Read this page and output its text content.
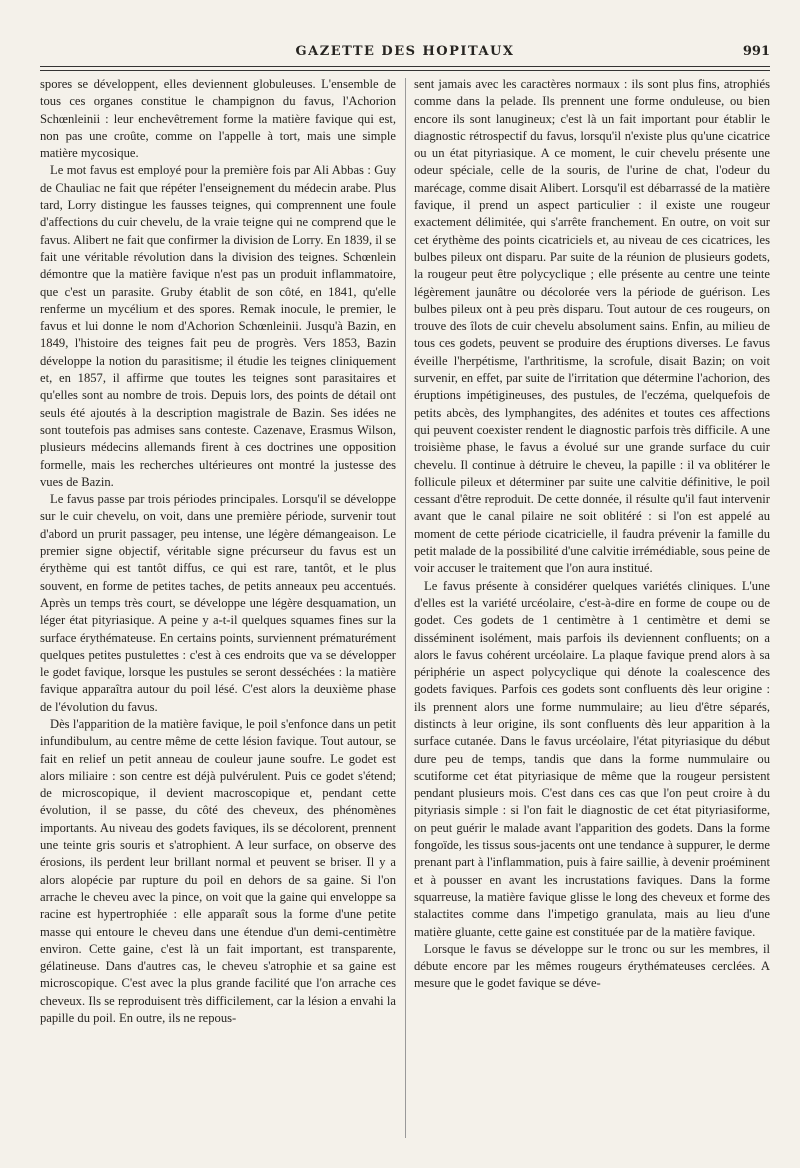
GAZETTE DES HOPITAUX	991

spores se développent, elles deviennent globuleuses. L'ensemble de tous ces organes constitue le champignon du favus, l'Achorion Schœnleinii : leur enchevêtrement forme la matière favique qui est, non pas une croûte, comme on l'appelle à tort, mais une simple matière mycosique.

Le mot favus est employé pour la première fois par Ali Abbas : Guy de Chauliac ne fait que répéter l'enseignement du médecin arabe. Plus tard, Lorry distingue les fausses teignes, qui comprennent une foule d'affections du cuir chevelu, de la vraie teigne qui ne comprend que le favus. Alibert ne fait que confirmer la division de Lorry. En 1839, il se fait une véritable révolution dans la division des teignes. Schœnlein démontre que la matière favique n'est pas un produit inflammatoire, que c'est un parasite. Gruby établit de son côté, en 1841, qu'elle renferme un mycélium et des spores. Remak inocule, le premier, le favus et lui donne le nom d'Achorion Schœnleinii. Jusqu'à Bazin, en 1849, l'histoire des teignes fait peu de progrès. Vers 1853, Bazin développe la notion du parasitisme; il étudie les teignes cliniquement et, en 1857, il affirme que toutes les teignes sont parasitaires et qu'elles sont au nombre de trois. Depuis lors, des points de détail ont seuls été ajoutés à la description magistrale de Bazin. Ses idées ne sont toutefois pas admises sans conteste. Cazenave, Erasmus Wilson, plusieurs médecins allemands firent à ces doctrines une opposition formelle, mais les recherches ultérieures ont montré la justesse des vues de Bazin.

Le favus passe par trois périodes principales. Lorsqu'il se développe sur le cuir chevelu, on voit, dans une première période, survenir tout d'abord un prurit passager, peu intense, une légère démangeaison. Le premier signe objectif, véritable signe précurseur du favus est un érythème qui est tantôt diffus, ce qui est rare, tantôt, et le plus souvent, en forme de petites taches, de petits anneaux peu accentués. Après un temps très court, se développe une légère desquamation, un léger état pityriasique. A peine y a-t-il quelques squames fines sur la surface érythémateuse. En certains points, surviennent prématurément quelques petites pustulettes : c'est à ces endroits que va se développer le godet favique, lorsque les pustules se seront desséchées : la matière favique apparaîtra autour du poil lésé. C'est alors la deuxième phase de l'évolution du favus.

Dès l'apparition de la matière favique, le poil s'enfonce dans un petit infundibulum, au centre même de cette lésion favique. Tout autour, se fait en relief un petit anneau de couleur jaune soufre. Le godet est alors miliaire : son centre est déjà pulvérulent. Puis ce godet s'étend; de microscopique, il devient macroscopique et, pendant cette évolution, il se passe, du côté des cheveux, des phénomènes importants. Au niveau des godets faviques, ils se décolorent, prennent une teinte gris souris et s'atrophient. A leur surface, on observe des érosions, ils perdent leur brillant normal et peuvent se briser. Il y a alors alopécie par rupture du poil en dehors de sa gaine. Si l'on arrache le cheveu avec la pince, on voit que la gaine qui enveloppe sa racine est hypertrophiée : elle apparaît sous la forme d'une petite masse qui entoure le cheveu dans une étendue d'un demi-centimètre environ. Cette gaine, c'est là un fait important, est transparente, gélatineuse. Dans d'autres cas, le cheveu s'atrophie et sa gaine est microscopique. C'est avec la plus grande facilité que l'on arrache ces cheveux. Ils se reproduisent très difficilement, car la lésion a envahi la papille du poil. En outre, ils ne repous-

sent jamais avec les caractères normaux : ils sont plus fins, atrophiés comme dans la pelade. Ils prennent une forme onduleuse, ou bien encore ils sont lanugineux; c'est là un fait important pour établir le diagnostic rétrospectif du favus, lorsqu'il n'existe plus qu'une cicatrice ou un état pityriasique. A ce moment, le cuir chevelu présente une odeur spéciale, celle de la souris, de l'urine de chat, l'odeur du marécage, comme disait Alibert. Lorsqu'il est débarrassé de la matière favique, il prend un aspect particulier : il existe une rougeur exactement délimitée, qui s'arrête franchement. En outre, on voit sur cet érythème des points cicatriciels et, au niveau de ces cicatrices, les bulbes pileux ont disparu. Par suite de la réunion de plusieurs godets, la rougeur peut être polycyclique ; elle présente au centre une teinte légèrement jaunâtre ou décolorée vers la période de guérison. Les bulbes pileux ont à peu près disparu. Tout autour de ces rougeurs, on trouve des îlots de cuir chevelu absolument sains. Enfin, au milieu de tous ces godets, peuvent se produire des éruptions diverses. Le favus éveille l'herpétisme, l'arthritisme, la scrofule, disait Bazin; on voit survenir, en effet, par suite de l'irritation que détermine l'achorion, des éruptions impétigineuses, des pustules, de l'eczéma, quelquefois de petits abcès, des lymphangites, des adénites et toutes ces affections qui peuvent coexister rendent le diagnostic parfois très difficile. A une troisième phase, le favus a évolué sur une grande surface du cuir chevelu. Il continue à détruire le cheveu, la papille : il va oblitérer le follicule pileux et déterminer par suite une calvitie définitive, le poil cessant d'être reproduit. De cette donnée, il résulte qu'il faut intervenir avant que le canal pilaire ne soit oblitéré : si l'on est appelé au moment de cette période cicatricielle, il faudra prévenir la famille du petit malade de la possibilité d'une calvitie irrémédiable, sous peine de voir accuser le traitement que l'on aura institué.

Le favus présente à considérer quelques variétés cliniques. L'une d'elles est la variété urcéolaire, c'est-à-dire en forme de coupe ou de godet. Ces godets de 1 centimètre à 1 centimètre et demi se disséminent isolément, mais parfois ils deviennent confluents; on a alors le favus cohérent urcéolaire. La plaque favique prend alors à sa périphérie un aspect polycyclique qui dénote la coalescence des godets faviques. Parfois ces godets sont confluents dès leur origine : ils prennent alors une forme nummulaire; au lieu d'être séparés, distincts à leur origine, ils sont confluents dès leur apparition à la surface cutanée. Dans le favus urcéolaire, l'état pityriasique du début dure peu de temps, tandis que dans la forme nummulaire ou scutiforme cet état pityriasique de même que la rougeur persistent pendant plusieurs mois. C'est dans ces cas que l'on peut croire à du pityriasis simple : si l'on fait le diagnostic de cet état pityriasiforme, on peut guérir le malade avant l'apparition des godets. Dans la forme fongoïde, les tissus sous-jacents ont une tendance à suppurer, le derme prenant part à l'inflammation, puis à faire saillie, à devenir proéminent et à pousser en avant les incrustations faviques. Dans la forme squarreuse, la matière favique glisse le long des cheveux et forme des stalactites comme dans l'impetigo granulata, mais au lieu d'une matière gluante, cette gaine est constituée par de la matière favique.

Lorsque le favus se développe sur le tronc ou sur les membres, il débute encore par les mêmes rougeurs érythémateuses cerclées. A mesure que le godet favique se déve-
